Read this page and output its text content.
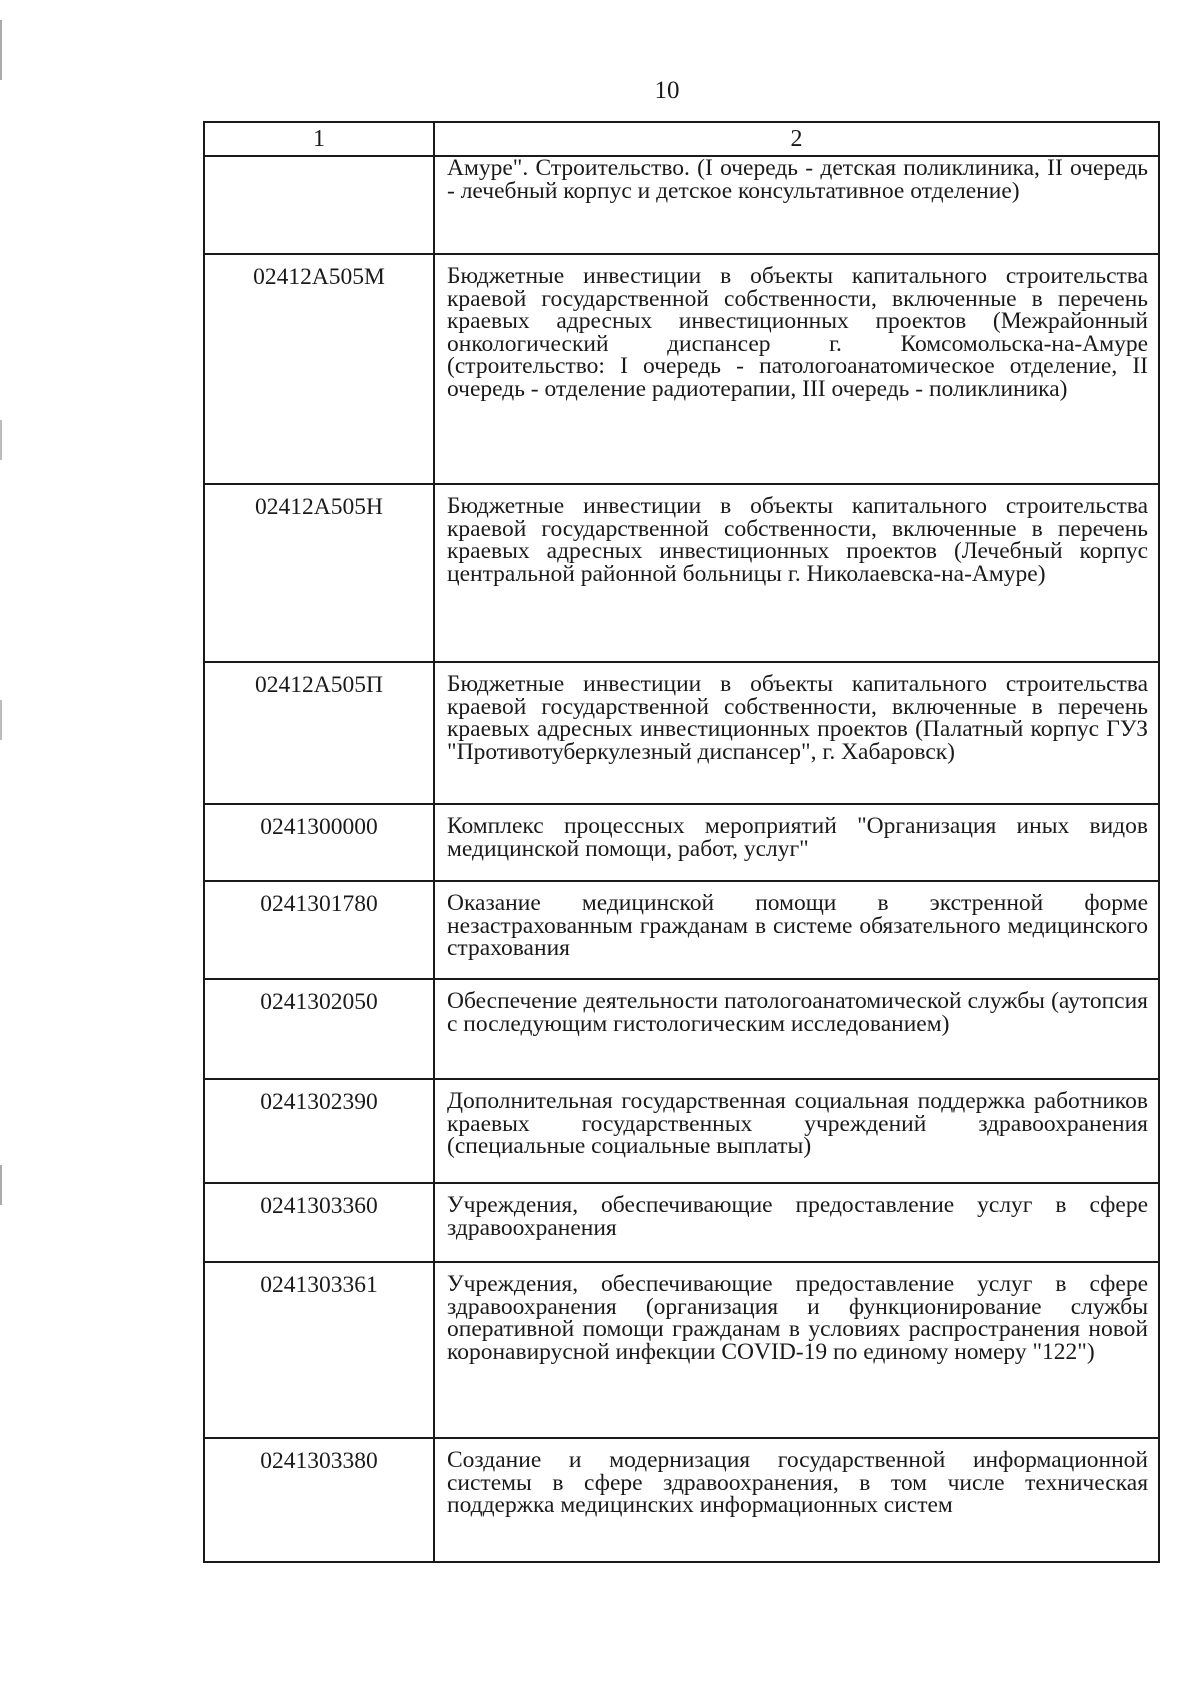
10
1	2
	Амуре". Строительство. (I очередь - детская поликлиника, II очередь - лечебный корпус и детское консультативное отделение)
02412A505M	Бюджетные инвестиции в объекты капитального строительства краевой государственной собственности, включенные в перечень краевых адресных инвестиционных проектов (Межрайонный онкологический диспансер г. Комсомольска-на-Амуре (строительство: I очередь - патологоанатомическое отделение, II очередь - отделение радиотерапии, III очередь - поликлиника)
02412A505H	Бюджетные инвестиции в объекты капитального строительства краевой государственной собственности, включенные в перечень краевых адресных инвестиционных проектов (Лечебный корпус центральной районной больницы г. Николаевска-на-Амуре)
02412A505П	Бюджетные инвестиции в объекты капитального строительства краевой государственной собственности, включенные в перечень краевых адресных инвестиционных проектов (Палатный корпус ГУЗ "Противотуберкулезный диспансер", г. Хабаровск)
0241300000	Комплекс процессных мероприятий "Организация иных видов медицинской помощи, работ, услуг"
0241301780	Оказание медицинской помощи в экстренной форме незастрахованным гражданам в системе обязательного медицинского страхования
0241302050	Обеспечение деятельности патологоанатомической службы (аутопсия с последующим гистологическим исследованием)
0241302390	Дополнительная государственная социальная поддержка работников краевых государственных учреждений здравоохранения (специальные социальные выплаты)
0241303360	Учреждения, обеспечивающие предоставление услуг в сфере здравоохранения
0241303361	Учреждения, обеспечивающие предоставление услуг в сфере здравоохранения (организация и функционирование службы оперативной помощи гражданам в условиях распространения новой коронавирусной инфекции COVID-19 по единому номеру "122")
0241303380	Создание и модернизация государственной информационной системы в сфере здравоохранения, в том числе техническая поддержка медицинских информационных систем
